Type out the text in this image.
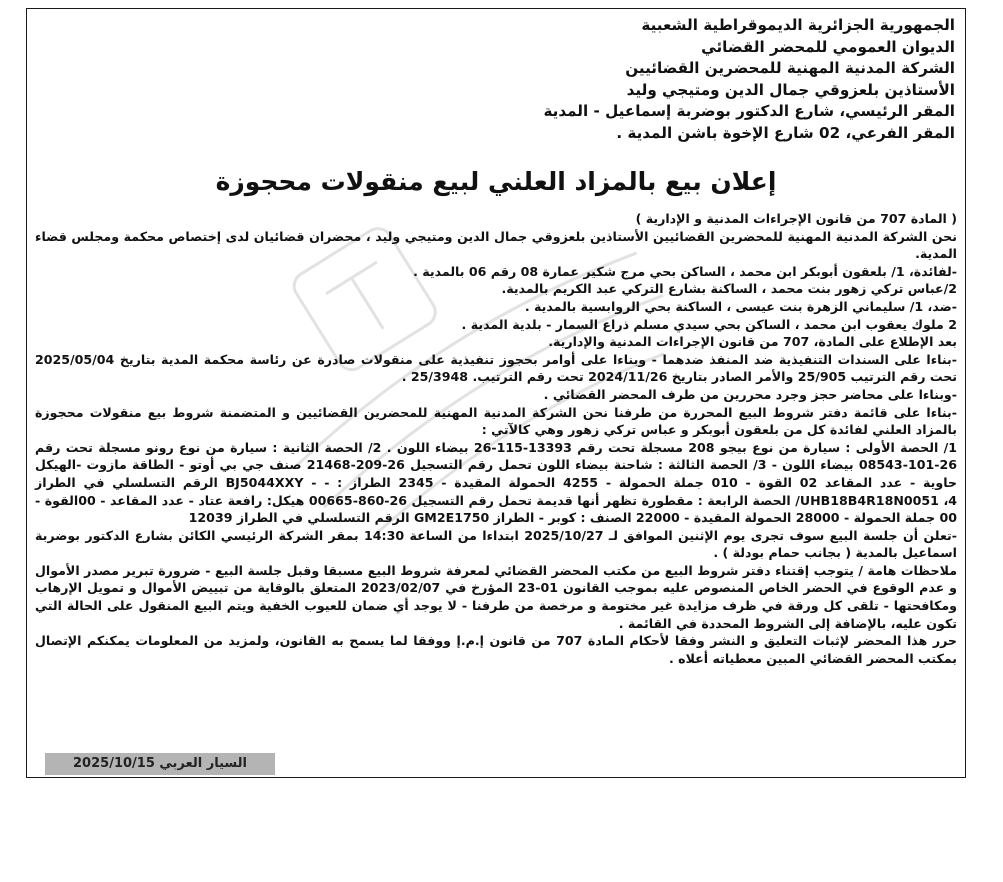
الجمهورية الجزائرية الديموقراطية الشعبية
الديوان العمومي للمحضر القضائي
الشركة المدنية المهنية للمحضرين القضائيين
الأستاذين بلعزوقي جمال الدين ومتيجي وليد
المقر الرئيسي، شارع الدكتور بوضربة إسماعيل - المدية
المقر الفرعي، 02 شارع الإخوة باشن المدية .
إعلان بيع بالمزاد العلني لبيع منقولات محجوزة

( المادة 707 من قانون الإجراءات المدنية و الإدارية )

نحن الشركة المدنية المهنية للمحضرين القضائيين الأستاذين بلعزوقي جمال الدين ومتيجي وليد ، محضران قضائيان لدى إختصاص محكمة ومجلس قضاء المدية.

-لفائدة، 1/ بلعقون أبوبكر ابن محمد ، الساكن بحي مرج شكير عمارة 08 رقم 06 بالمدية .

2/عباس تركي زهور بنت محمد ، الساكنة بشارع التركي عبد الكريم بالمدية.

-ضد، 1/ سليماني الزهرة بنت عيسى ، الساكنة بحي الروابسية بالمدية .

2 ملوك يعقوب ابن محمد ، الساكن بحي سيدي مسلم ذراع السمار - بلدية المدية .

بعد الإطلاع على المادة، 707 من قانون الإجراءات المدنية والإدارية.

-بناءا على السندات التنفيذية ضد المنفذ ضدهما - وبناءا على أوامر بحجوز تنفيذية على منقولات صادرة عن رئاسة محكمة المدية بتاريخ 2025/05/04 تحت رقم الترتيب 25/905 والأمر الصادر بتاريخ 2024/11/26 تحت رقم الترتيب. 25/3948 .

-وبناءا على محاضر حجز وجرد محررين من طرف المحضر القضائي .

-بناءا على قائمة دفتر شروط البيع المحررة من طرفنا نحن الشركة المدنية المهنية للمحضرين القضائيين و المتضمنة شروط بيع منقولات محجوزة بالمزاد العلني لفائدة كل من بلعقون أبوبكر و عباس تركي زهور وهي كالآتي :

1/ الحصة الأولى : سيارة من نوع بيجو 208 مسجلة تحت رقم 13393-115-26 بيضاء اللون . 2/ الحصة الثانية : سيارة من نوع رونو مسجلة تحت رقم 26-101-08543 بيضاء اللون - 3/ الحصة الثالثة : شاحنة بيضاء اللون تحمل رقم التسجيل 26-209-21468 صنف جي بي أوتو - الطاقة مازوت -الهيكل حاوية - عدد المقاعد 02 القوة - 010 جملة الحمولة - 4255 الحمولة المقيدة - 2345 الطراز : - - BJ5044XXY الرقم التسلسلي في الطراز UHB18B4R18N0051 ،4/ الحصة الرابعة : مقطورة تظهر أنها قديمة تحمل رقم التسجيل 26-860-00665 هيكل: رافعة عتاد - عدد المقاعد - 00القوة - 00 جملة الحمولة - 28000 الحمولة المقيدة - 22000 الصنف : كوبر - الطراز GM2E1750 الرقم التسلسلي في الطراز 12039

-تعلن أن جلسة البيع سوف تجرى يوم الإثنين الموافق لـ 2025/10/27 ابتداءا من الساعة 14:30 بمقر الشركة الرئيسي الكائن بشارع الدكتور بوضربة اسماعيل بالمدية ( بجانب حمام بودلة ) .

ملاحظات هامة / يتوجب إقتناء دفتر شروط البيع من مكتب المحضر القضائي لمعرفة شروط البيع مسبقا وقبل جلسة البيع - ضرورة تبرير مصدر الأموال و عدم الوقوع في الحضر الخاص المنصوص عليه بموجب القانون 01-23 المؤرخ في 2023/02/07 المتعلق بالوقاية من تبييض الأموال و تمويل الإرهاب ومكافحتها - تلقى كل ورقة في ظرف مزايدة غير مختومة و مرخصة من طرفنا - لا يوجد أي ضمان للعيوب الخفية ويتم البيع المنقول على الحالة التي تكون عليه، بالإضافة إلى الشروط المحددة في القائمة .

حرر هذا المحضر لإثبات التعليق و النشر وفقا لأحكام المادة 707 من قانون إ.م.إ ووفقا لما يسمح به القانون، ولمزيد من المعلومات يمكنكم الإتصال بمكتب المحضر القضائي المبين معطياته أعلاه .

السيار العربي 2025/10/15
